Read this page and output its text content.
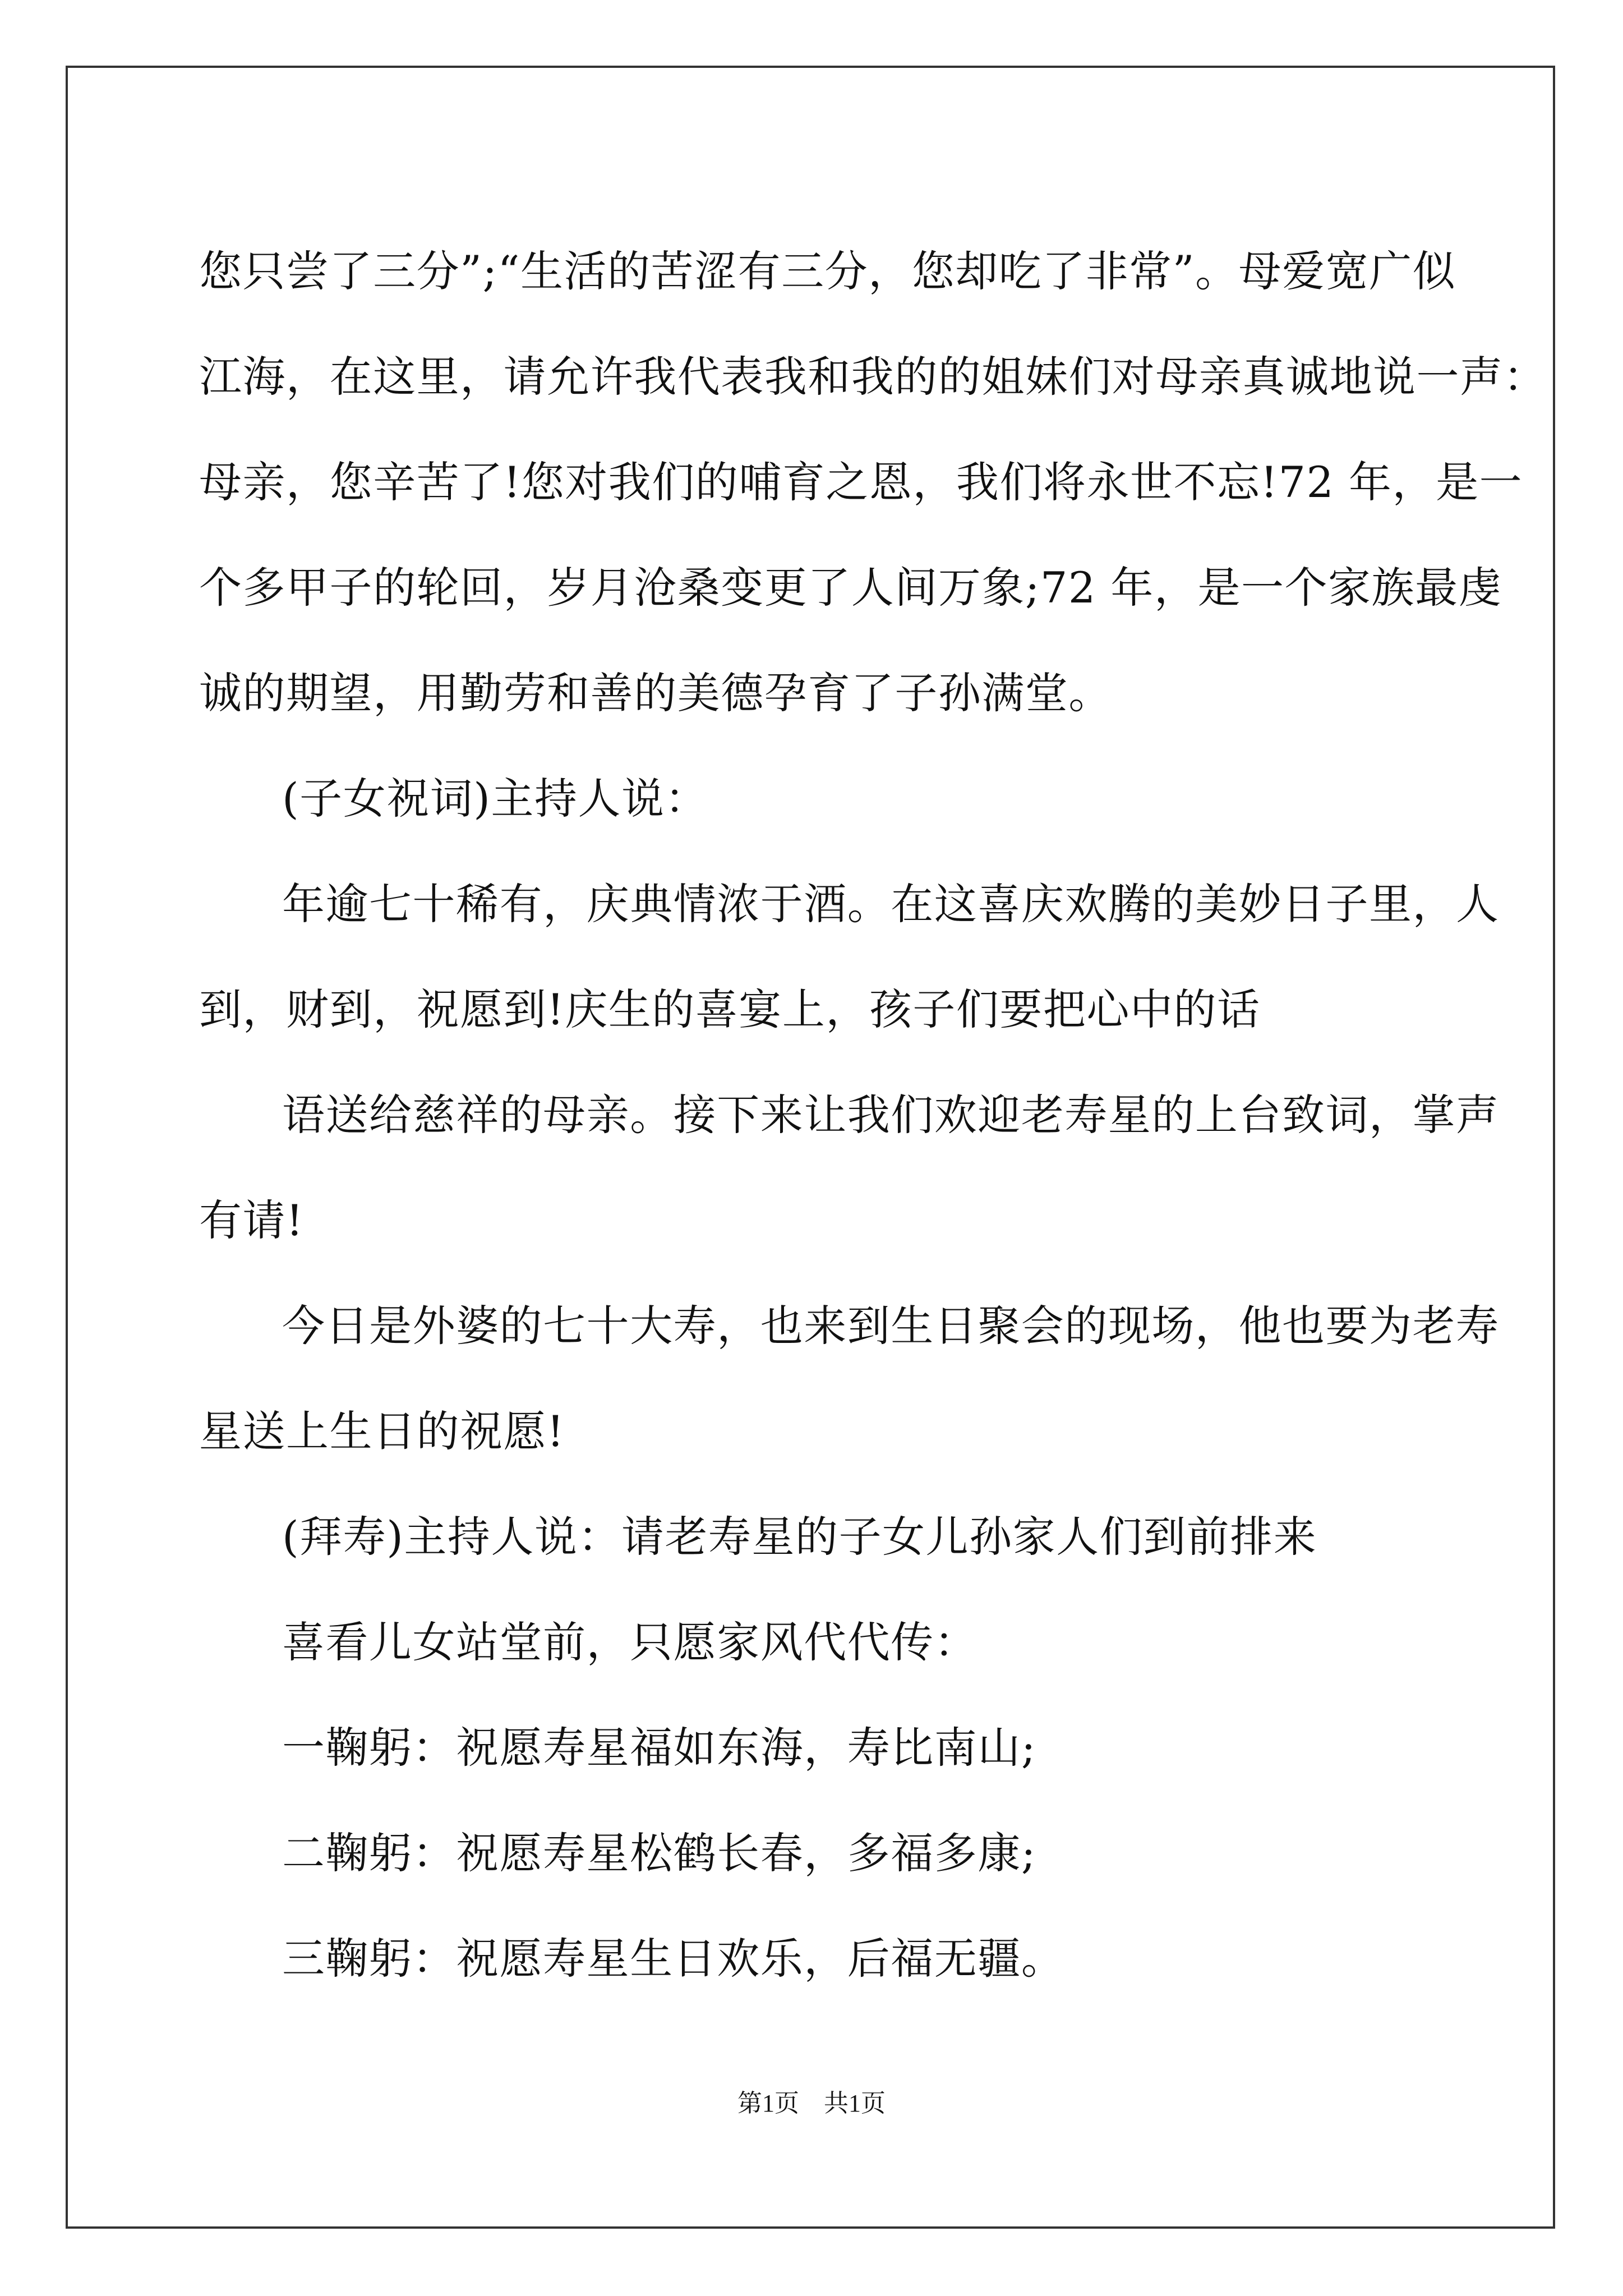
您只尝了三分”;“生活的苦涩有三分，您却吃了非常”。母爱宽广似
江海，在这里，请允许我代表我和我的的姐妹们对母亲真诚地说一声：
母亲，您辛苦了!您对我们的哺育之恩，我们将永世不忘!72 年，是一
个多甲子的轮回，岁月沧桑变更了人间万象;72 年，是一个家族最虔
诚的期望，用勤劳和善的美德孕育了子孙满堂。
(子女祝词)主持人说：
年逾七十稀有，庆典情浓于酒。在这喜庆欢腾的美妙日子里，人
到，财到，祝愿到!庆生的喜宴上，孩子们要把心中的话
语送给慈祥的母亲。接下来让我们欢迎老寿星的上台致词，掌声
有请!
今日是外婆的七十大寿，也来到生日聚会的现场，他也要为老寿
星送上生日的祝愿!
(拜寿)主持人说：请老寿星的子女儿孙家人们到前排来
喜看儿女站堂前，只愿家风代代传：
一鞠躬：祝愿寿星福如东海，寿比南山;
二鞠躬：祝愿寿星松鹤长春，多福多康;
三鞠躬：祝愿寿星生日欢乐，后福无疆。
第1页　共1页
